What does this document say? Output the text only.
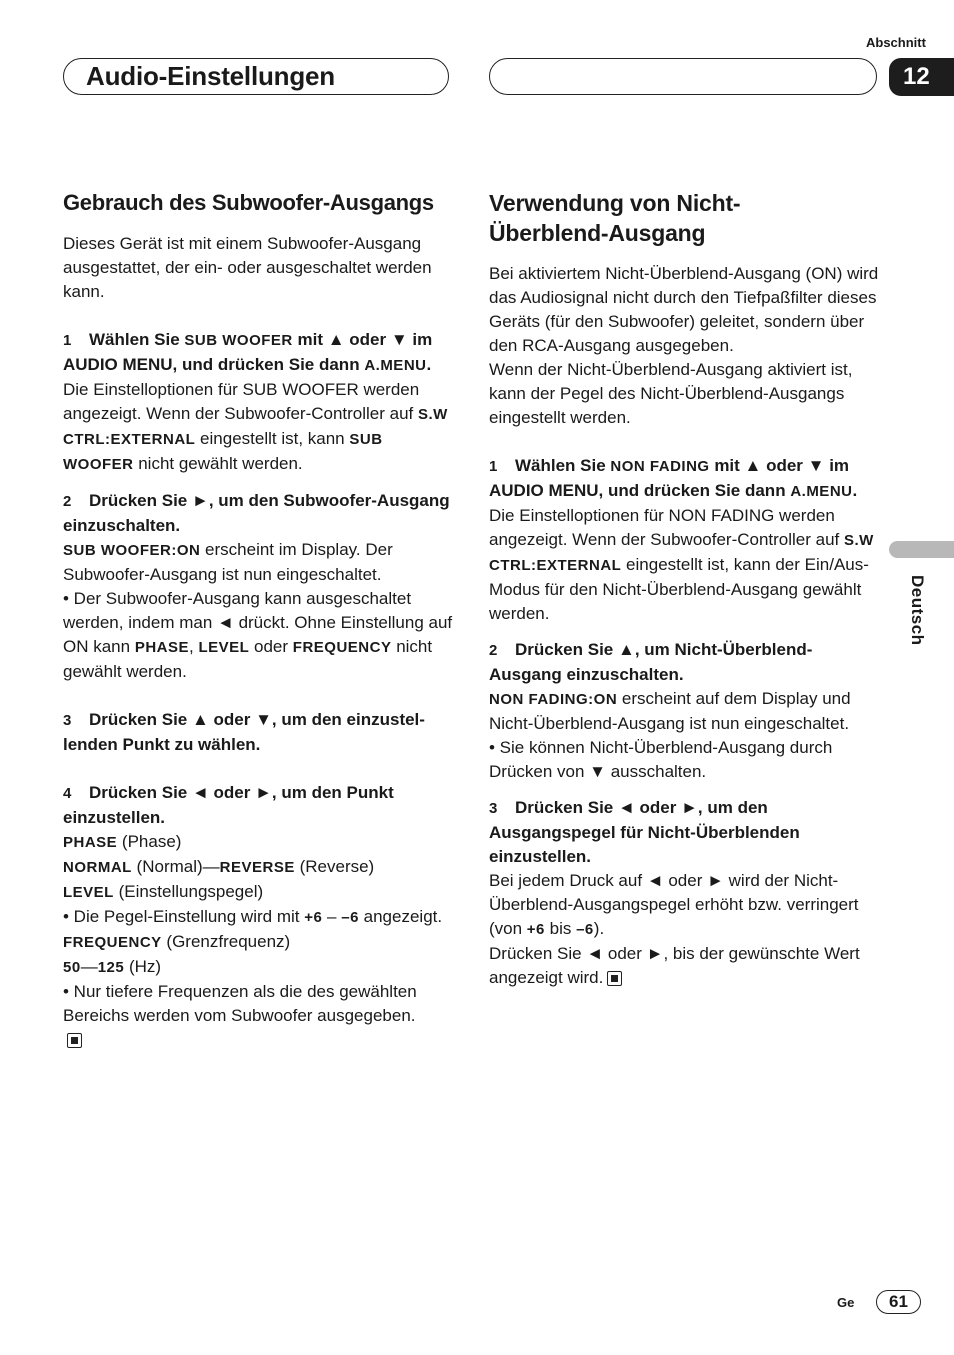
Abschnitt
Audio-Einstellungen	12
Deutsch
Gebrauch des Subwoofer-Ausgangs

Dieses Gerät ist mit einem Subwoofer-Ausgang ausgestattet, der ein- oder ausgeschaltet werden kann.

1 Wählen Sie SUB WOOFER mit ▲ oder ▼ im AUDIO MENU, und drücken Sie dann A.MENU.

Die Einstelloptionen für SUB WOOFER werden angezeigt. Wenn der Subwoofer-Controller auf S.W CTRL:EXTERNAL eingestellt ist, kann SUB WOOFER nicht gewählt werden.

2 Drücken Sie ►, um den Subwoofer-Ausgang einzuschalten.

SUB WOOFER:ON erscheint im Display. Der Subwoofer-Ausgang ist nun eingeschaltet.

• Der Subwoofer-Ausgang kann ausgeschaltet werden, indem man ◄ drückt. Ohne Einstellung auf ON kann PHASE, LEVEL oder FREQUENCY nicht gewählt werden.

3 Drücken Sie ▲ oder ▼, um den einzustellenden Punkt zu wählen.

4 Drücken Sie ◄ oder ►, um den Punkt einzustellen.

PHASE (Phase)

NORMAL (Normal)—REVERSE (Reverse)

LEVEL (Einstellungspegel)

• Die Pegel-Einstellung wird mit +6 – –6 angezeigt.

FREQUENCY (Grenzfrequenz)

50—125 (Hz)

• Nur tiefere Frequenzen als die des gewählten Bereichs werden vom Subwoofer ausgegeben.

Verwendung von Nicht-
Überblend-Ausgang

Bei aktiviertem Nicht-Überblend-Ausgang (ON) wird das Audiosignal nicht durch den Tiefpaßfilter dieses Geräts (für den Subwoofer) geleitet, sondern über den RCA-Ausgang ausgegeben.

Wenn der Nicht-Überblend-Ausgang aktiviert ist, kann der Pegel des Nicht-Überblend-Ausgangs eingestellt werden.

1 Wählen Sie NON FADING mit ▲ oder ▼ im AUDIO MENU, und drücken Sie dann A.MENU.

Die Einstelloptionen für NON FADING werden angezeigt. Wenn der Subwoofer-Controller auf S.W CTRL:EXTERNAL eingestellt ist, kann der Ein/Aus-Modus für den Nicht-Überblend-Ausgang gewählt werden.

2 Drücken Sie ▲, um Nicht-Überblend-Ausgang einzuschalten.

NON FADING:ON erscheint auf dem Display und Nicht-Überblend-Ausgang ist nun eingeschaltet.

• Sie können Nicht-Überblend-Ausgang durch Drücken von ▼ ausschalten.

3 Drücken Sie ◄ oder ►, um den Ausgangspegel für Nicht-Überblenden einzustellen.

Bei jedem Druck auf ◄ oder ► wird der Nicht-Überblend-Ausgangspegel erhöht bzw. verringert (von +6 bis –6).

Drücken Sie ◄ oder ►, bis der gewünschte Wert angezeigt wird.

Ge	61
